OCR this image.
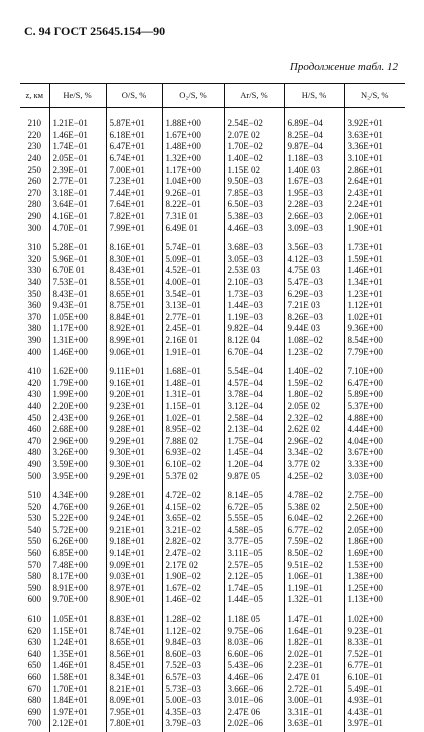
С. 94 ГОСТ 25645.154—90
Продолжение табл. 12
z, км	He/S, %	O/S, %	O₂/S, %	Ar/S, %	H/S, %	N₂/S, %
210	1.21E−01	5.87E+01	1.88E+00	2.54E−02	6.89E−04	3.92E+01
220	1.46E−01	6.18E+01	1.67E+00	2.07E 02	8.25E−04	3.63E+01
230	1.74E−01	6.47E+01	1.48E+00	1.70E−02	9.87E−04	3.36E+01
240	2.05E−01	6.74E+01	1.32E+00	1.40E−02	1.18E−03	3.10E+01
250	2.39E−01	7.00E+01	1.17E+00	1.15E 02	1.40E 03	2.86E+01
260	2.77E−01	7.23E+01	1.04E+00	9.50E−03	1.67E−03	2.64E+01
270	3.18E−01	7.44E+01	9.26E−01	7.85E−03	1.95E−03	2.43E+01
280	3.64E−01	7.64E+01	8.22E−01	6.50E−03	2.28E−03	2.24E+01
290	4.16E−01	7.82E+01	7.31E 01	5.38E−03	2.66E−03	2.06E+01
300	4.70E−01	7.99E+01	6.49E 01	4.46E−03	3.09E−03	1.90E+01
310	5.28E−01	8.16E+01	5.74E−01	3.68E−03	3.56E−03	1.73E+01
320	5.96E−01	8.30E+01	5.09E−01	3.05E−03	4.12E−03	1.59E+01
330	6.70E 01	8.43E+01	4.52E−01	2.53E 03	4.75E 03	1.46E+01
340	7.53E−01	8.55E+01	4.00E−01	2.10E−03	5.47E−03	1.34E+01
350	8.43E−01	8.65E+01	3.54E−01	1.73E−03	6.29E−03	1.23E+01
360	9.43E−01	8.75E+01	3.13E−01	1.44E−03	7.21E 03	1.12E+01
370	1.05E+00	8.84E+01	2.77E−01	1.19E−03	8.26E−03	1.02E+01
380	1.17E+00	8.92E+01	2.45E−01	9.82E−04	9.44E 03	9.36E+00
390	1.31E+00	8.99E+01	2.16E 01	8.12E 04	1.08E−02	8.54E+00
400	1.46E+00	9.06E+01	1.91E−01	6.70E−04	1.23E−02	7.79E+00
410	1.62E+00	9.11E+01	1.68E−01	5.54E−04	1.40E−02	7.10E+00
420	1.79E+00	9.16E+01	1.48E−01	4.57E−04	1.59E−02	6.47E+00
430	1.99E+00	9.20E+01	1.31E−01	3.78E−04	1.80E−02	5.89E+00
440	2.20E+00	9.23E+01	1.15E−01	3.12E−04	2.05E 02	5.37E+00
450	2.43E+00	9.26E+01	1.02E−01	2.58E−04	2.32E−02	4.88E+00
460	2.68E+00	9.28E+01	8.95E−02	2.13E−04	2.62E 02	4.44E+00
470	2.96E+00	9.29E+01	7.88E 02	1.75E−04	2.96E−02	4.04E+00
480	3.26E+00	9.30E+01	6.93E−02	1.45E−04	3.34E−02	3.67E+00
490	3.59E+00	9.30E+01	6.10E−02	1.20E−04	3.77E 02	3.33E+00
500	3.95E+00	9.29E+01	5.37E 02	9.87E 05	4.25E−02	3.03E+00
510	4.34E+00	9.28E+01	4.72E−02	8.14E−05	4.78E−02	2.75E−00
520	4.76E+00	9.26E+01	4.15E−02	6.72E−05	5.38E 02	2.50E+00
530	5.22E+00	9.24E+01	3.65E−02	5.55E−05	6.04E−02	2.26E+00
540	5.72E+00	9.21E+01	3.21E−02	4.58E−05	6.77E−02	2.05E+00
550	6.26E+00	9.18E+01	2.82E−02	3.77E−05	7.59E−02	1.86E+00
560	6.85E+00	9.14E+01	2.47E−02	3.11E−05	8.50E−02	1.69E+00
570	7.48E+00	9.09E+01	2.17E 02	2.57E−05	9.51E−02	1.53E+00
580	8.17E+00	9.03E+01	1.90E−02	2.12E−05	1.06E−01	1.38E+00
590	8.91E+00	8.97E+01	1.67E−02	1.74E−05	1.19E−01	1.25E+00
600	9.70E+00	8.90E+01	1.46E−02	1.44E−05	1.32E−01	1.13E+00
610	1.05E+01	8.83E+01	1.28E−02	1.18E 05	1.47E−01	1.02E+00
620	1.15E+01	8.74E+01	1.12E−02	9.75E−06	1.64E−01	9.23E−01
630	1.24E+01	8.65E+01	9.84E−03	8.03E−06	1.82E−01	8.33E−01
640	1.35E+01	8.56E+01	8.60E−03	6.60E−06	2.02E−01	7.52E−01
650	1.46E+01	8.45E+01	7.52E−03	5.43E−06	2.23E−01	6.77E−01
660	1.58E+01	8.34E+01	6.57E−03	4.46E−06	2.47E 01	6.10E−01
670	1.70E+01	8.21E+01	5.73E−03	3.66E−06	2.72E−01	5.49E−01
680	1.84E+01	8.09E+01	5.00E−03	3.01E−06	3.00E−01	4.93E−01
690	1.97E+01	7.95E+01	4.35E−03	2.47E 06	3.31E−01	4.43E−01
700	2.12E+01	7.80E+01	3.79E−03	2.02E−06	3.63E−01	3.97E−01
